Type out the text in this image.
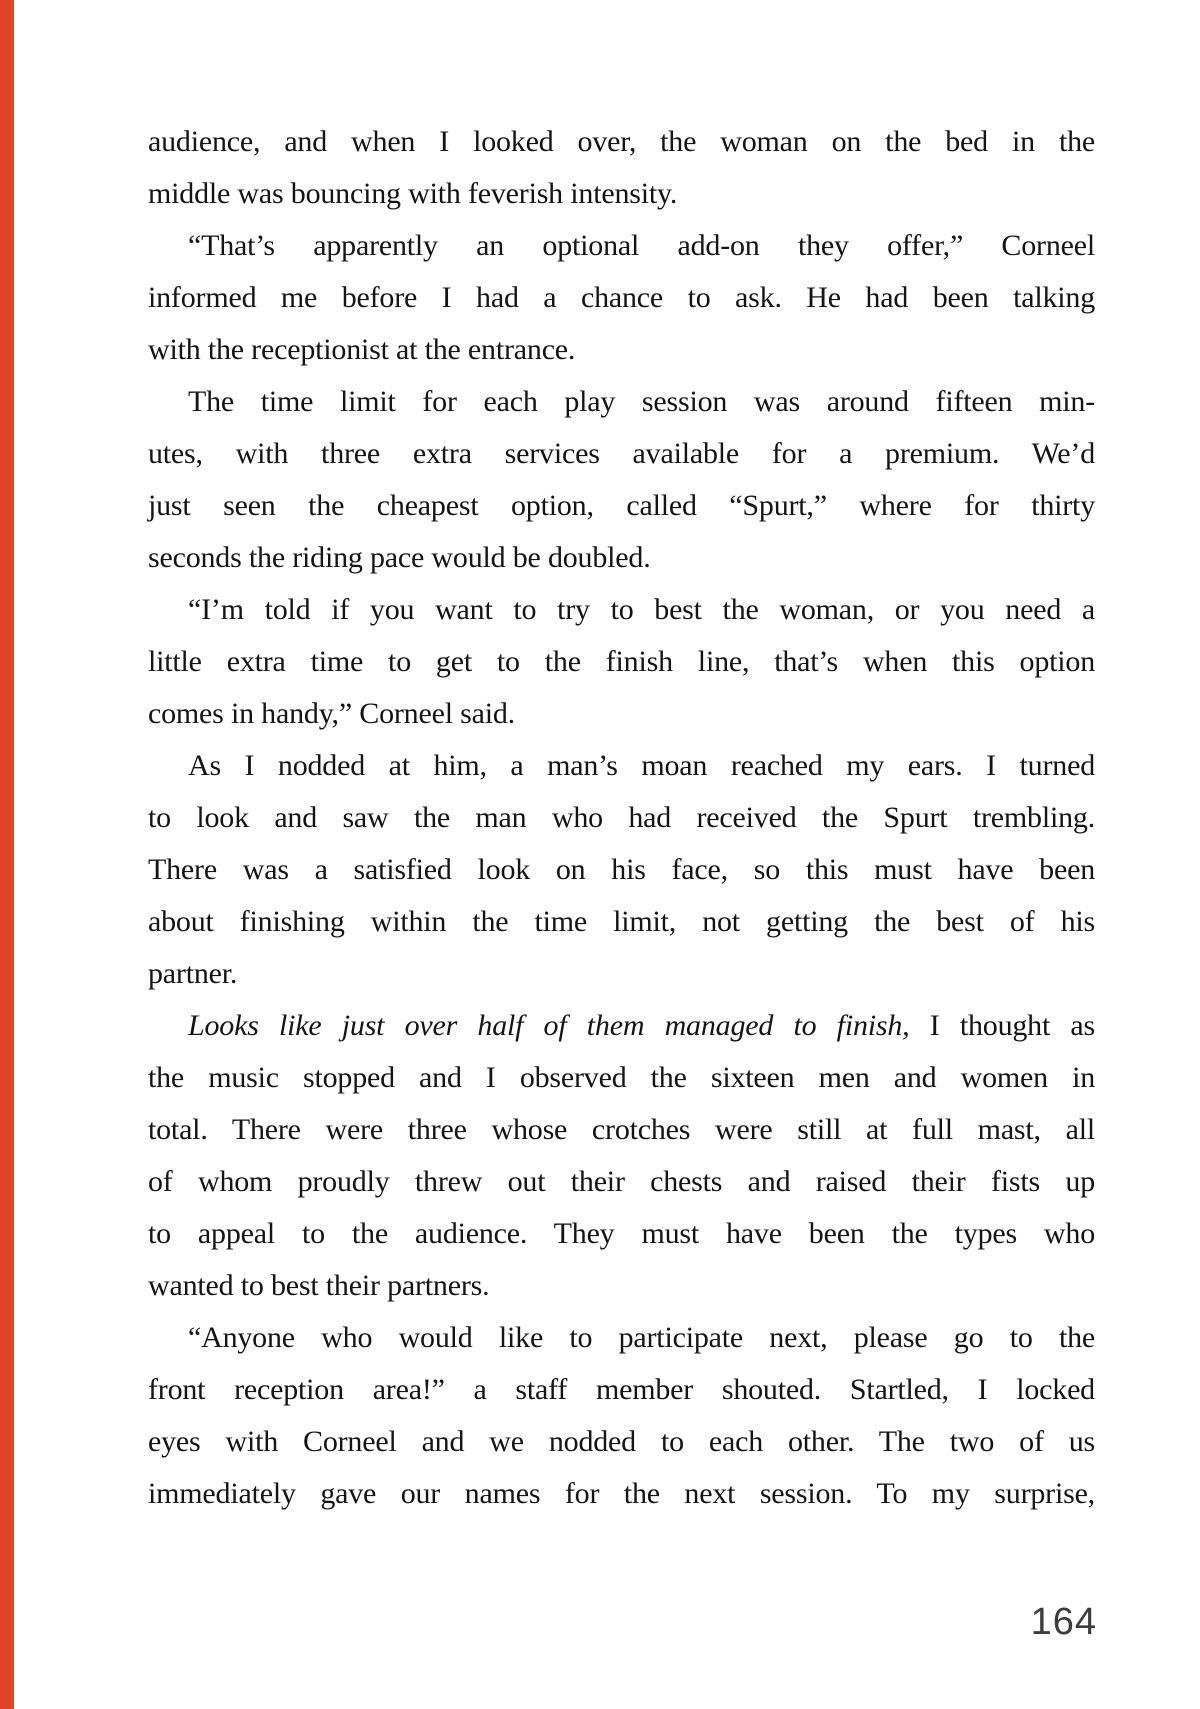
audience, and when I looked over, the woman on the bed in the
middle was bouncing with feverish intensity.
“That’s apparently an optional add-on they offer,” Corneel
informed me before I had a chance to ask. He had been talking
with the receptionist at the entrance.
The time limit for each play session was around fifteen min-
utes, with three extra services available for a premium. We’d
just seen the cheapest option, called “Spurt,” where for thirty
seconds the riding pace would be doubled.
“I’m told if you want to try to best the woman, or you need a
little extra time to get to the finish line, that’s when this option
comes in handy,” Corneel said.
As I nodded at him, a man’s moan reached my ears. I turned
to look and saw the man who had received the Spurt trembling.
There was a satisfied look on his face, so this must have been
about finishing within the time limit, not getting the best of his
partner.
Looks like just over half of them managed to finish, I thought as
the music stopped and I observed the sixteen men and women in
total. There were three whose crotches were still at full mast, all
of whom proudly threw out their chests and raised their fists up
to appeal to the audience. They must have been the types who
wanted to best their partners.
“Anyone who would like to participate next, please go to the
front reception area!” a staff member shouted. Startled, I locked
eyes with Corneel and we nodded to each other. The two of us
immediately gave our names for the next session. To my surprise,
164
